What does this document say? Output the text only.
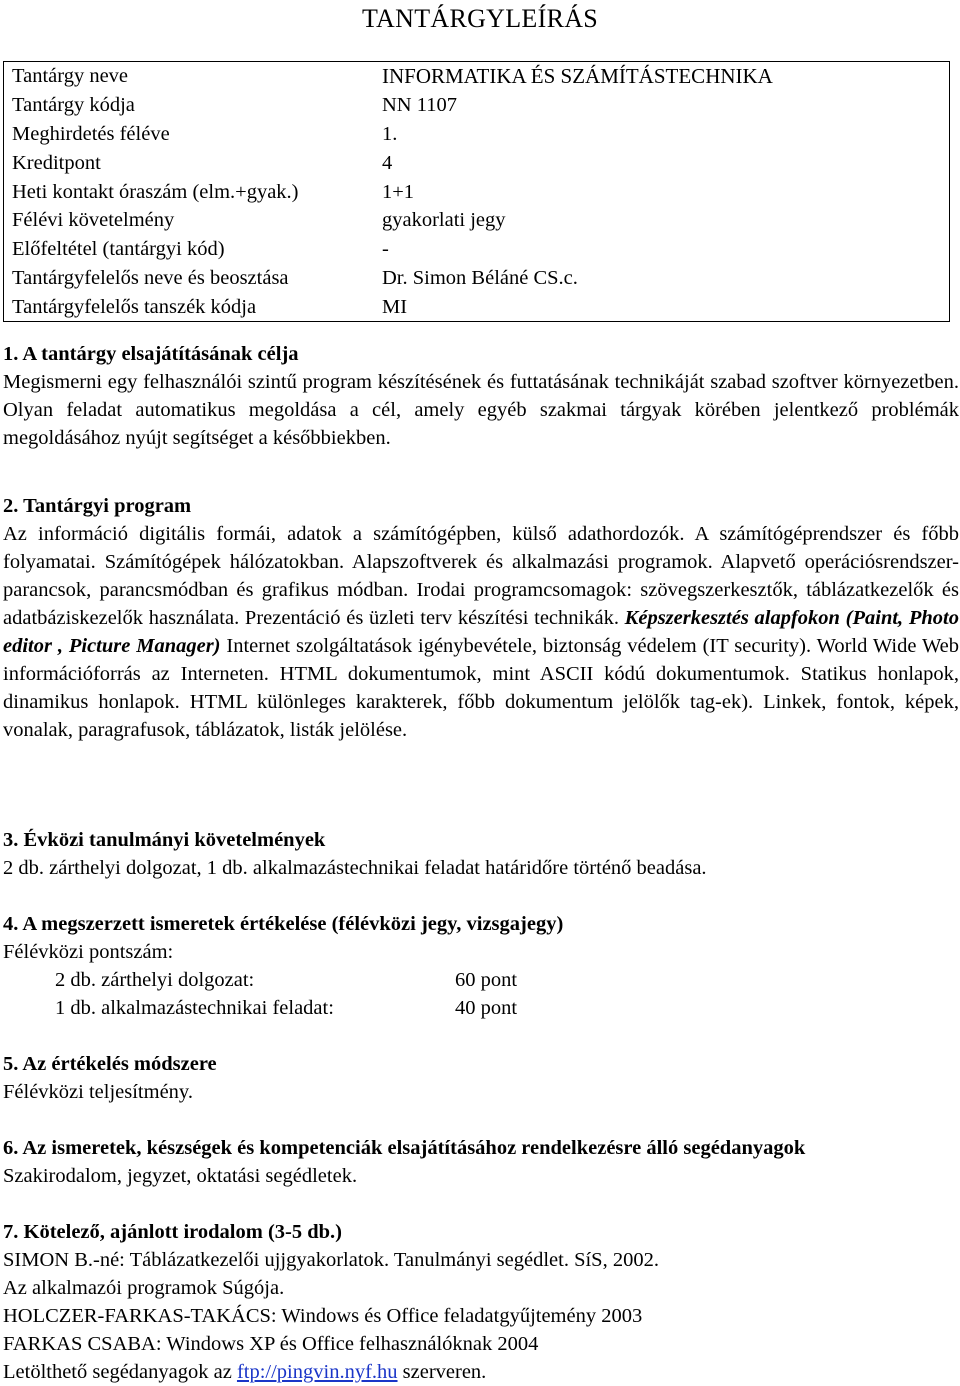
TANTÁRGYLEÍRÁS
Tantárgy neve	INFORMATIKA ÉS SZÁMÍTÁSTECHNIKA
Tantárgy kódja	NN 1107
Meghirdetés féléve	1.
Kreditpont	4
Heti kontakt óraszám (elm.+gyak.)	1+1
Félévi követelmény	gyakorlati jegy
Előfeltétel (tantárgyi kód)	-
Tantárgyfelelős neve és beosztása	Dr. Simon Béláné CS.c.
Tantárgyfelelős tanszék kódja	MI

1. A tantárgy elsajátításának célja

Megismerni egy felhasználói szintű program készítésének és futtatásának technikáját szabad szoftver környezetben. Olyan feladat automatikus megoldása a cél, amely egyéb szakmai tárgyak körében jelentkező problémák megoldásához nyújt segítséget a későbbiekben.

2. Tantárgyi program

Az információ digitális formái, adatok a számítógépben, külső adathordozók. A számítógéprendszer és főbb folyamatai. Számítógépek hálózatokban. Alapszoftverek és alkalmazási programok. Alapvető operációsrendszer-parancsok, parancsmódban és grafikus módban. Irodai programcsomagok: szövegszerkesztők, táblázatkezelők és adatbáziskezelők használata. Prezentáció és üzleti terv készítési technikák. Képszerkesztés alapfokon (Paint, Photo editor , Picture Manager) Internet szolgáltatások igénybevétele, biztonság védelem (IT security). World Wide Web információforrás az Interneten. HTML dokumentumok, mint ASCII kódú dokumentumok. Statikus honlapok, dinamikus honlapok. HTML különleges karakterek, főbb dokumentum jelölők tag-ek). Linkek, fontok, képek, vonalak, paragrafusok, táblázatok, listák jelölése.

3. Évközi tanulmányi követelmények

2 db. zárthelyi dolgozat, 1 db. alkalmazástechnikai feladat határidőre történő beadása.

4. A megszerzett ismeretek értékelése (félévközi jegy, vizsgajegy)

Félévközi pontszám:

2 db. zárthelyi dolgozat:	60 pont
1 db. alkalmazástechnikai feladat:	40 pont

5. Az értékelés módszere

Félévközi teljesítmény.

6. Az ismeretek, készségek és kompetenciák elsajátításához rendelkezésre álló segédanyagok

Szakirodalom, jegyzet, oktatási segédletek.

7. Kötelező, ajánlott irodalom (3-5 db.)

SIMON B.-né: Táblázatkezelői ujjgyakorlatok. Tanulmányi segédlet. SíS, 2002.

Az alkalmazói programok Súgója.

HOLCZER-FARKAS-TAKÁCS: Windows és Office feladatgyűjtemény 2003

FARKAS CSABA: Windows XP és Office felhasználóknak 2004

Letölthető segédanyagok az ftp://pingvin.nyf.hu szerveren.
